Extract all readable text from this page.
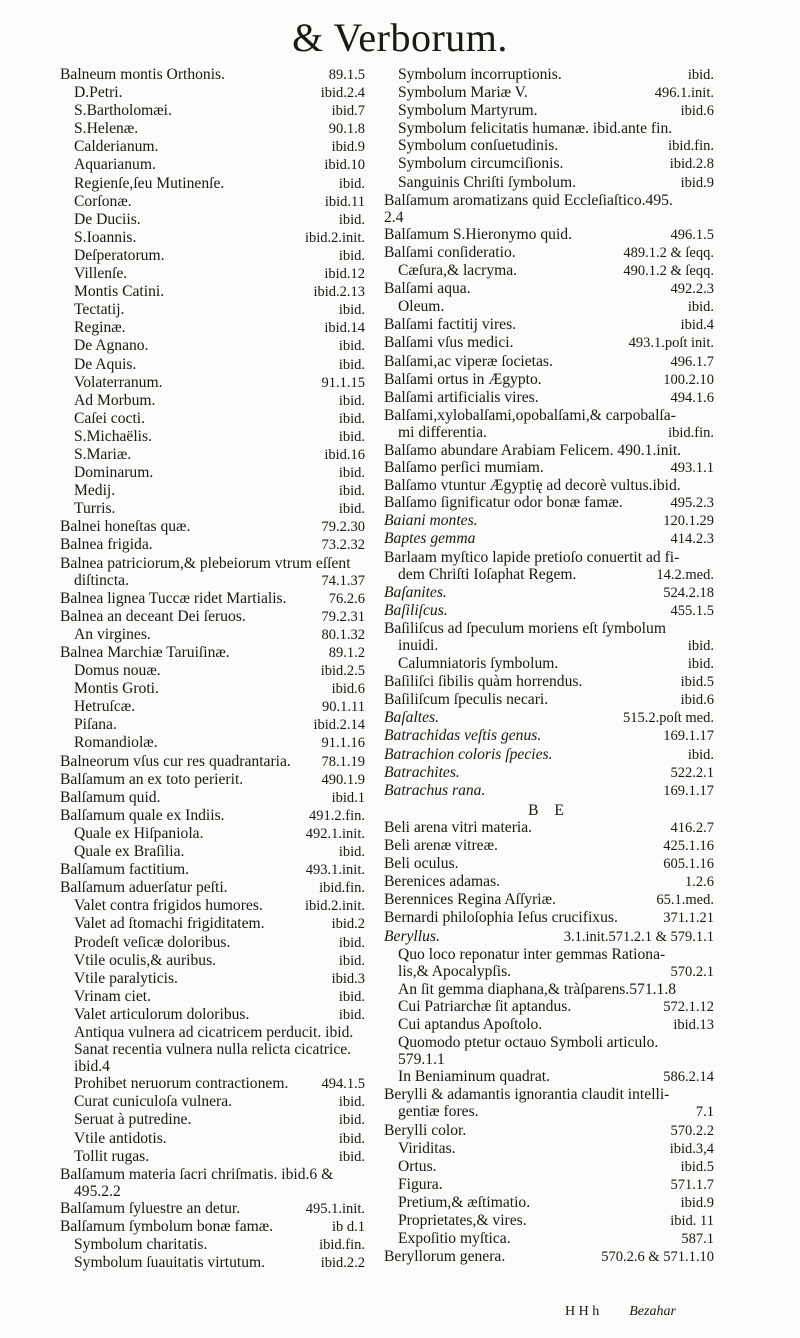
& Verborum.
Balneum montis Orthonis.	89.1.5
D.Petri.	ibid.2.4
S.Bartholomæi.	ibid.7
S.Helenæ.	90.1.8
Calderianum.	ibid.9
Aquarianum.	ibid.10
Regienſe,ſeu Mutinenſe.	ibid.
Corſonæ.	ibid.11
De Duciis.	ibid.
S.Ioannis.	ibid.2.init.
Deſperatorum.	ibid.
Villenſe.	ibid.12
Montis Catini.	ibid.2.13
Tectatij.	ibid.
Reginæ.	ibid.14
De Agnano.	ibid.
De Aquis.	ibid.
Volaterranum.	91.1.15
Ad Morbum.	ibid.
Caſei cocti.	ibid.
S.Michaëlis.	ibid.
S.Mariæ.	ibid.16
Dominarum.	ibid.
Medij.	ibid.
Turris.	ibid.
Balnei honeſtas quæ.	79.2.30
Balnea frigida.	73.2.32
Balnea patriciorum,& plebeiorum vtrum eſſent
diſtincta.	74.1.37
Balnea lignea Tuccæ ridet Martialis.	76.2.6
Balnea an deceant Dei ſeruos.	79.2.31
An virgines.	80.1.32
Balnea Marchiæ Taruiſinæ.	89.1.2
Domus nouæ.	ibid.2.5
Montis Groti.	ibid.6
Hetruſcæ.	90.1.11
Piſana.	ibid.2.14
Romandiolæ.	91.1.16
Balneorum vſus cur res quadrantaria.	78.1.19
Balſamum an ex toto perierit.	490.1.9
Balſamum quid.	ibid.1
Balſamum quale ex Indiis.	491.2.fin.
Quale ex Hiſpaniola.	492.1.init.
Quale ex Braſilia.	ibid.
Balſamum factitium.	493.1.init.
Balſamum aduerſatur peſti.	ibid.fin.
Valet contra frigidos humores.	ibid.2.init.
Valet ad ſtomachi frigiditatem.	ibid.2
Prodeſt veſicæ doloribus.	ibid.
Vtile oculis,& auribus.	ibid.
Vtile paralyticis.	ibid.3
Vrinam ciet.	ibid.
Valet articulorum doloribus.	ibid.
Antiqua vulnera ad cicatricem perducit. ibid.
Sanat recentia vulnera nulla relicta cicatrice.
ibid.4
Prohibet neruorum contractionem.	494.1.5
Curat cuniculoſa vulnera.	ibid.
Seruat à putredine.	ibid.
Vtile antidotis.	ibid.
Tollit rugas.	ibid.
Balſamum materia ſacri chriſmatis. ibid.6 &
495.2.2
Balſamum ſyluestre an detur.	495.1.init.
Balſamum ſymbolum bonæ famæ.	ib d.1
Symbolum charitatis.	ibid.fin.
Symbolum ſuauitatis virtutum.	ibid.2.2
Symbolum incorruptionis.	ibid.
Symbolum Mariæ V.	496.1.init.
Symbolum Martyrum.	ibid.6
Symbolum felicitatis humanæ. ibid.ante fin.
Symbolum conſuetudinis.	ibid.fin.
Symbolum circumciſionis.	ibid.2.8
Sanguinis Chriſti ſymbolum.	ibid.9
Balſamum aromatizans quid Eccleſiaſtico.495.
2.4
Balſamum S.Hieronymo quid.	496.1.5
Balſami conſideratio.	489.1.2 & ſeqq.
Cæſura,& lacryma.	490.1.2 & ſeqq.
Balſami aqua.	492.2.3
Oleum.	ibid.
Balſami factitij vires.	ibid.4
Balſami vſus medici.	493.1.poſt init.
Balſami,ac viperæ ſocietas.	496.1.7
Balſami ortus in Ægypto.	100.2.10
Balſami artificialis vires.	494.1.6
Balſami,xylobalſami,opobalſami,& carpobalſa-
mi differentia.	ibid.fin.
Balſamo abundare Arabiam Felicem. 490.1.init.
Balſamo perſici mumiam.	493.1.1
Balſamo vtuntur Ægyptię ad decorè vultus.ibid.
Balſamo ſignificatur odor bonæ famæ.	495.2.3
Baiani montes.	120.1.29
Baptes gemma	414.2.3
Barlaam myſtico lapide pretioſo conuertit ad fi-
dem Chriſti Ioſaphat Regem.	14.2.med.
Baſanites.	524.2.18
Baſiliſcus.	455.1.5
Baſiliſcus ad ſpeculum moriens eſt ſymbolum
inuidi.	ibid.
Calumniatoris ſymbolum.	ibid.
Baſiliſci ſibilis quàm horrendus.	ibid.5
Baſiliſcum ſpeculis necari.	ibid.6
Baſaltes.	515.2.poſt med.
Batrachidas veſtis genus.	169.1.17
Batrachion coloris ſpecies.	ibid.
Batrachites.	522.2.1
Batrachus rana.	169.1.17
B E
Beli arena vitri materia.	416.2.7
Beli arenæ vitreæ.	425.1.16
Beli oculus.	605.1.16
Berenices adamas.	1.2.6
Berennices Regina Aſſyriæ.	65.1.med.
Bernardi philoſophia Ieſus crucifixus.	371.1.21
Beryllus.	3.1.init.571.2.1 & 579.1.1
Quo loco reponatur inter gemmas Rationa-
lis,& Apocalypſis.	570.2.1
An ſit gemma diaphana,& tràſparens.571.1.8
Cui Patriarchæ ſit aptandus.	572.1.12
Cui aptandus Apoſtolo.	ibid.13
Quomodo ptetur octauo Symboli articulo.
579.1.1
In Beniaminum quadrat.	586.2.14
Berylli & adamantis ignorantia claudit intelli-
gentiæ fores.	7.1
Berylli color.	570.2.2
Viriditas.	ibid.3,4
Ortus.	ibid.5
Figura.	571.1.7
Pretium,& æſtimatio.	ibid.9
Proprietates,& vires.	ibid. 11
Expoſitio myſtica.	587.1
Beryllorum genera.	570.2.6 & 571.1.10
H H h Bezahar
